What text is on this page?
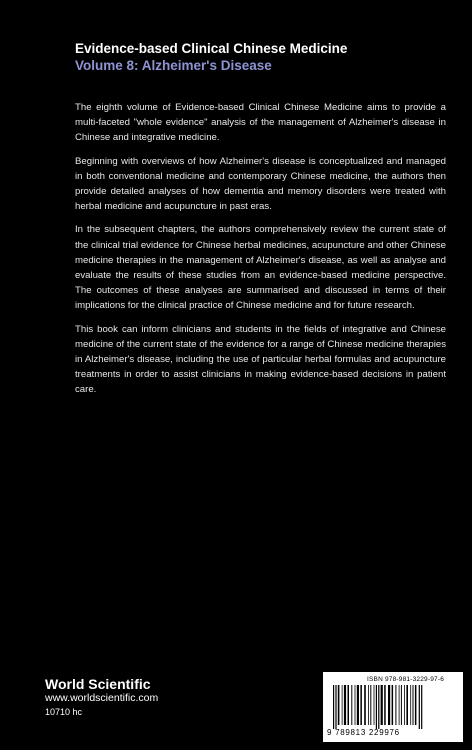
Evidence-based Clinical Chinese Medicine
Volume 8: Alzheimer's Disease

The eighth volume of Evidence-based Clinical Chinese Medicine aims to provide a multi-faceted "whole evidence" analysis of the management of Alzheimer's disease in Chinese and integrative medicine.

Beginning with overviews of how Alzheimer's disease is conceptualized and managed in both conventional medicine and contemporary Chinese medicine, the authors then provide detailed analyses of how dementia and memory disorders were treated with herbal medicine and acupuncture in past eras.

In the subsequent chapters, the authors comprehensively review the current state of the clinical trial evidence for Chinese herbal medicines, acupuncture and other Chinese medicine therapies in the management of Alzheimer's disease, as well as analyse and evaluate the results of these studies from an evidence-based medicine perspective. The outcomes of these analyses are summarised and discussed in terms of their implications for the clinical practice of Chinese medicine and for future research.

This book can inform clinicians and students in the fields of integrative and Chinese medicine of the current state of the evidence for a range of Chinese medicine therapies in Alzheimer's disease, including the use of particular herbal formulas and acupuncture treatments in order to assist clinicians in making evidence-based decisions in patient care.

World Scientific
www.worldscientific.com
10710 hc
ISBN 978-981-3229-97-6
9 789813 229976
